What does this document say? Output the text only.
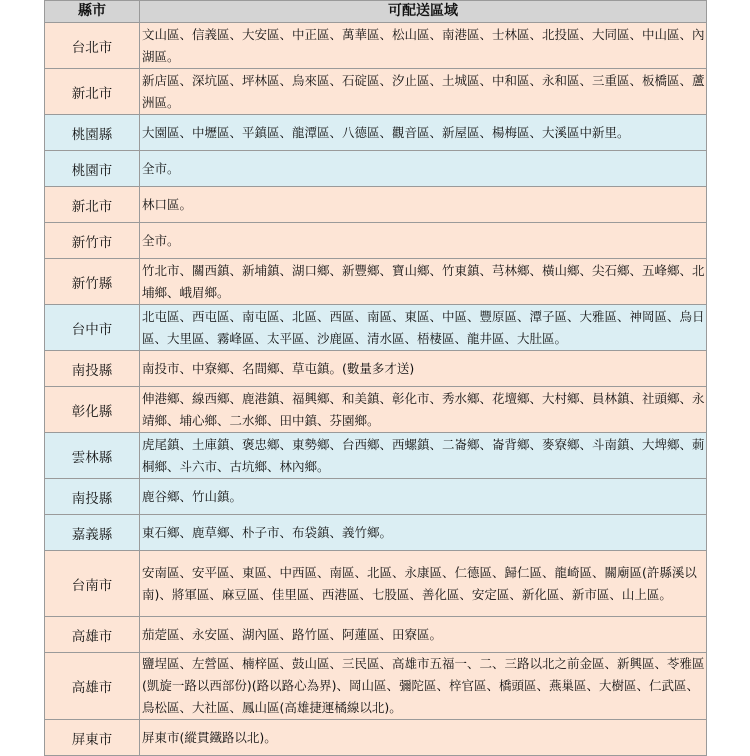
縣市	可配送區域
台北市	文山區、信義區、大安區、中正區、萬華區、松山區、南港區、士林區、北投區、大同區、中山區、內湖區。
新北市	新店區、深坑區、坪林區、烏來區、石碇區、汐止區、土城區、中和區、永和區、三重區、板橋區、蘆洲區。
桃園縣	大園區、中壢區、平鎮區、龍潭區、八德區、觀音區、新屋區、楊梅區、大溪區中新里。
桃園市	全市。
新北市	林口區。
新竹市	全市。
新竹縣	竹北市、關西鎮、新埔鎮、湖口鄉、新豐鄉、寶山鄉、竹東鎮、芎林鄉、橫山鄉、尖石鄉、五峰鄉、北埔鄉、峨眉鄉。
台中市	北屯區、西屯區、南屯區、北區、西區、南區、東區、中區、豐原區、潭子區、大雅區、神岡區、烏日區、大里區、霧峰區、太平區、沙鹿區、清水區、梧棲區、龍井區、大肚區。
南投縣	南投市、中寮鄉、名間鄉、草屯鎮。(數量多才送)
彰化縣	伸港鄉、線西鄉、鹿港鎮、福興鄉、和美鎮、彰化市、秀水鄉、花壇鄉、大村鄉、員林鎮、社頭鄉、永靖鄉、埔心鄉、二水鄉、田中鎮、芬園鄉。
雲林縣	虎尾鎮、土庫鎮、褒忠鄉、東勢鄉、台西鄉、西螺鎮、二崙鄉、崙背鄉、麥寮鄉、斗南鎮、大埤鄉、莿桐鄉、斗六市、古坑鄉、林內鄉。
南投縣	鹿谷鄉、竹山鎮。
嘉義縣	東石鄉、鹿草鄉、朴子市、布袋鎮、義竹鄉。
台南市	安南區、安平區、東區、中西區、南區、北區、永康區、仁德區、歸仁區、龍崎區、關廟區(許縣溪以南)、將軍區、麻豆區、佳里區、西港區、七股區、善化區、安定區、新化區、新市區、山上區。
高雄市	茄萣區、永安區、湖內區、路竹區、阿蓮區、田寮區。
高雄市	鹽埕區、左營區、楠梓區、鼓山區、三民區、高雄市五福一、二、三路以北之前金區、新興區、苓雅區(凱旋一路以西部份)(路以路心為界)、岡山區、彌陀區、梓官區、橋頭區、燕巢區、大樹區、仁武區、鳥松區、大社區、鳳山區(高雄捷運橘線以北)。
屏東市	屏東市(縱貫鐵路以北)。
